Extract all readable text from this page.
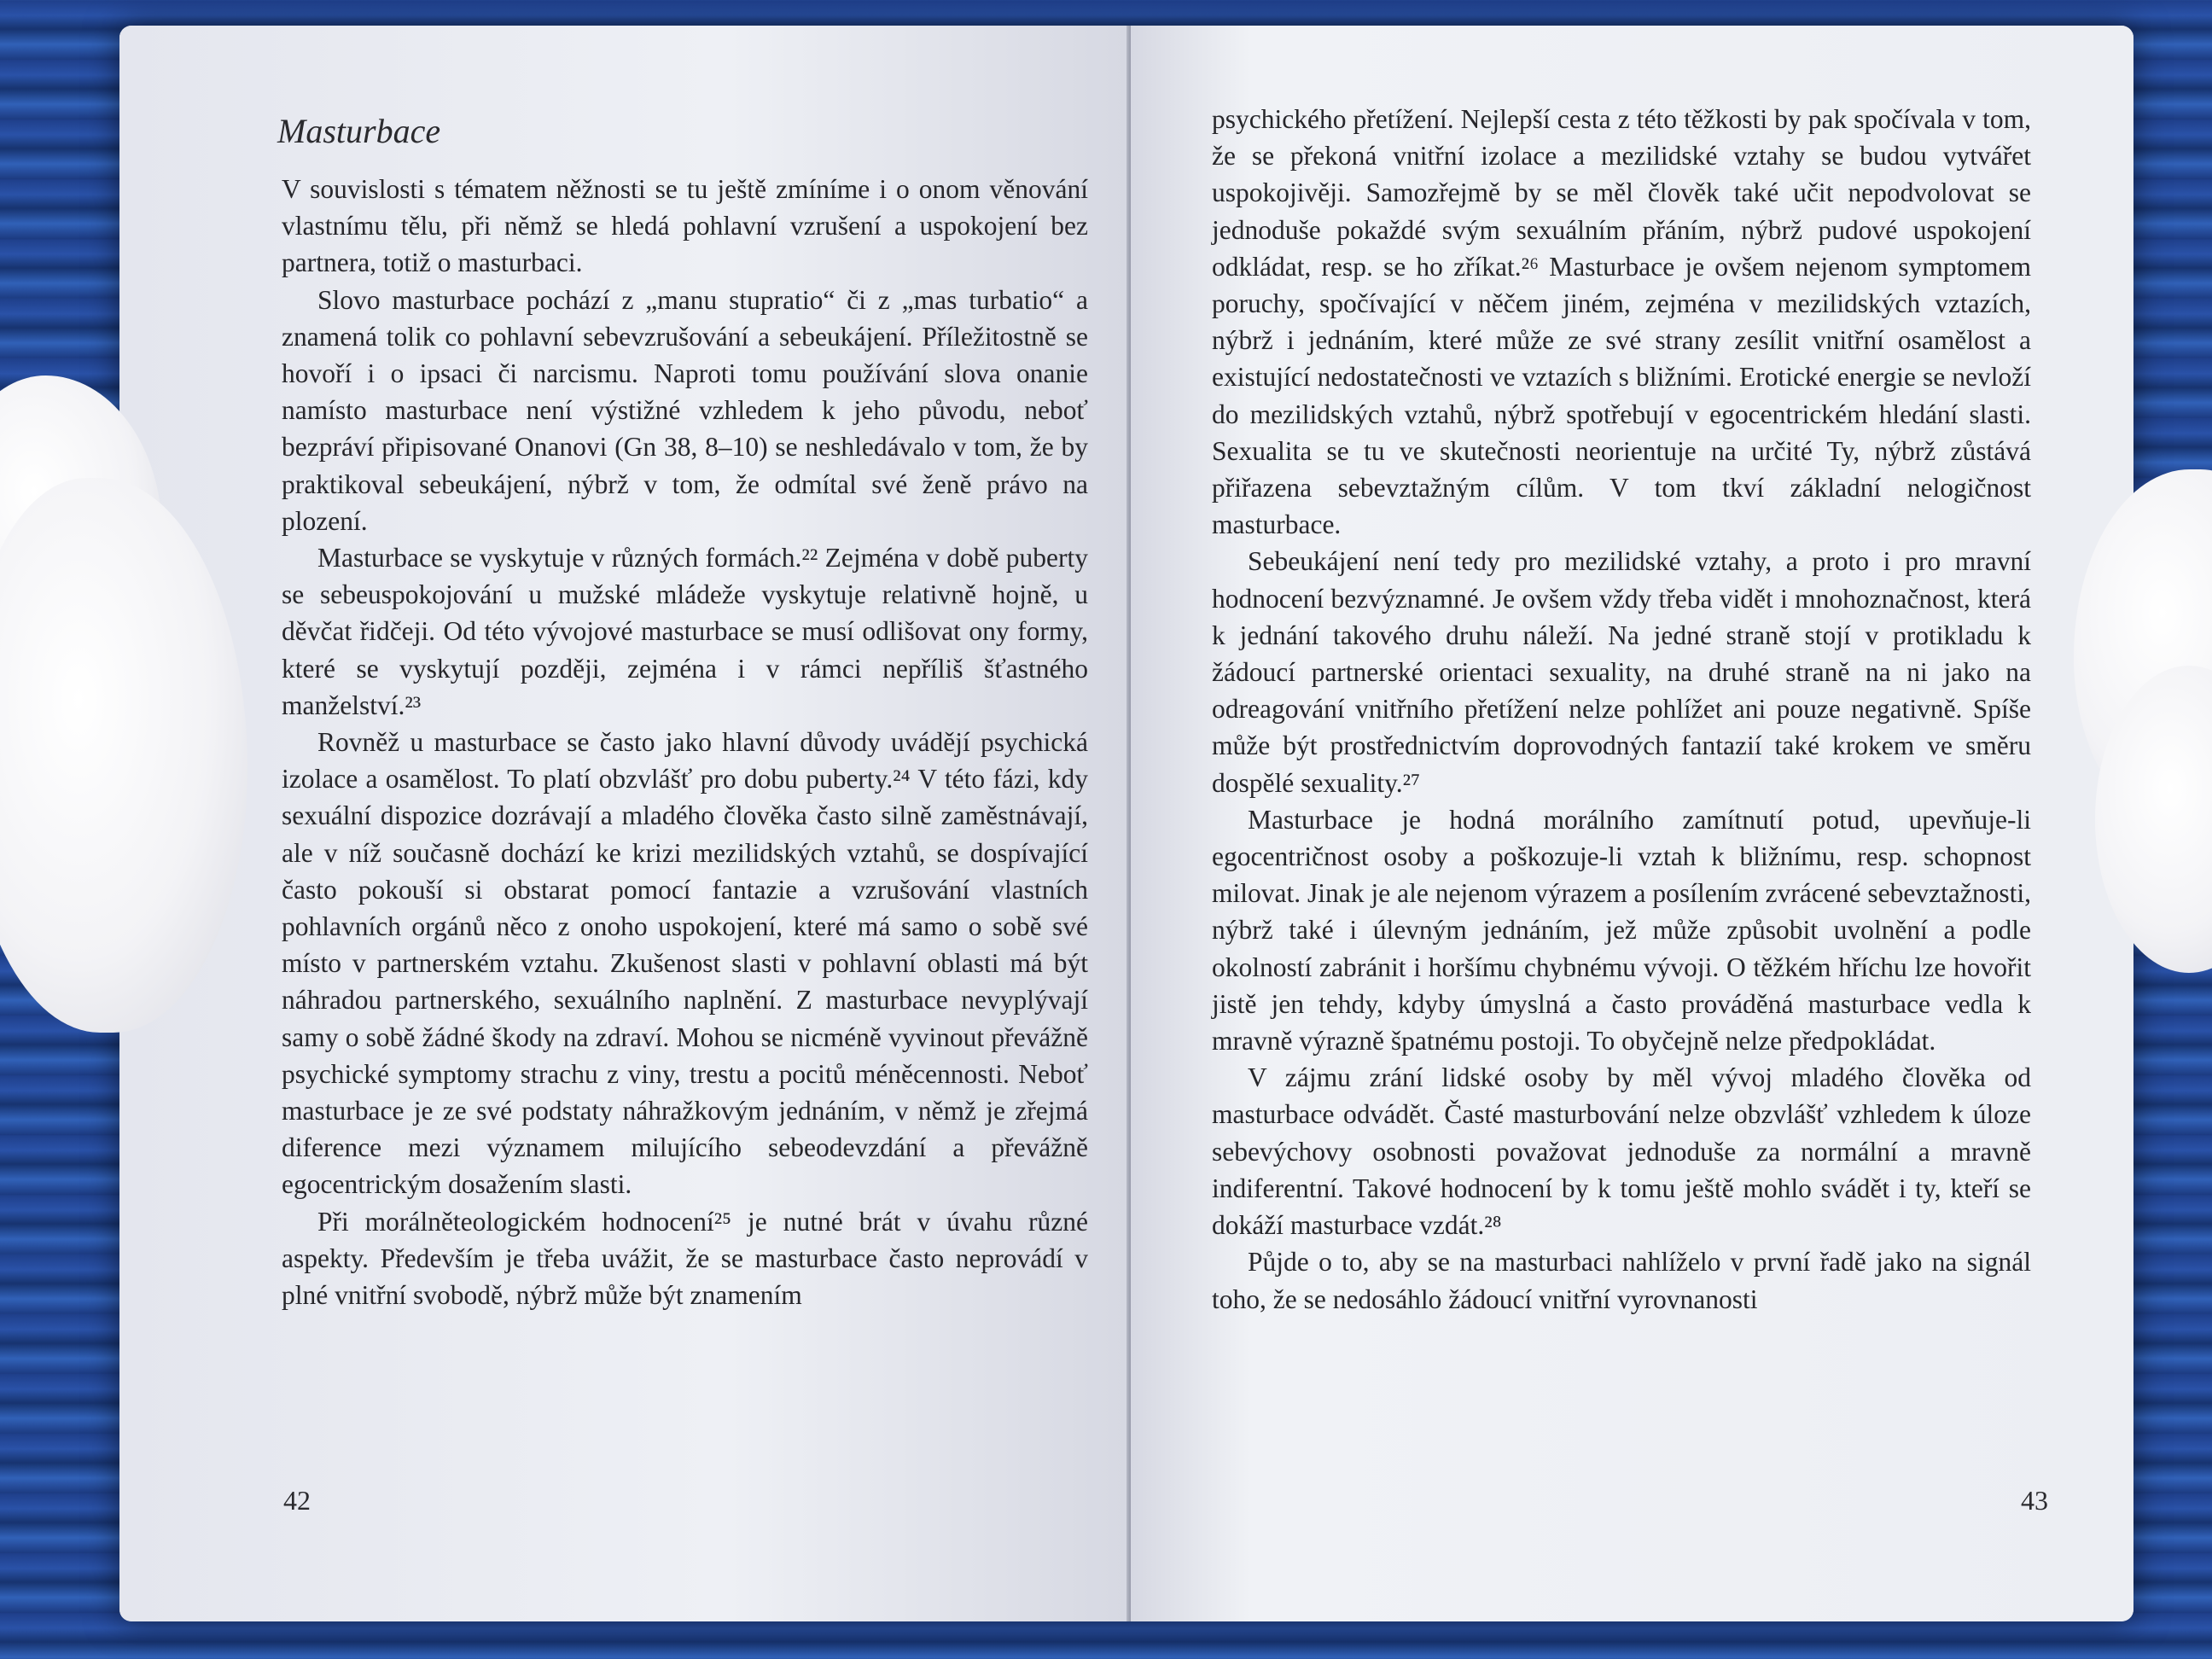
Masturbace

V souvislosti s tématem něžnosti se tu ještě zmíníme i o onom věnování vlastnímu tělu, při němž se hledá pohlavní vzrušení a uspokojení bez partnera, totiž o masturbaci.

Slovo masturbace pochází z „manu stupratio“ či z „mas turbatio“ a znamená tolik co pohlavní sebevzrušování a sebeukájení. Příležitostně se hovoří i o ipsaci či narcismu. Naproti tomu používání slova onanie namísto masturbace není výstižné vzhledem k jeho původu, neboť bezpráví připisované Onanovi (Gn 38, 8–10) se neshledávalo v tom, že by praktikoval sebeukájení, nýbrž v tom, že odmítal své ženě právo na plození.

Masturbace se vyskytuje v různých formách.²² Zejména v době puberty se sebeuspokojování u mužské mládeže vyskytuje relativně hojně, u děvčat řidčeji. Od této vývojové masturbace se musí odlišovat ony formy, které se vyskytují později, zejména i v rámci nepříliš šťastného manželství.²³

Rovněž u masturbace se často jako hlavní důvody uvádějí psychická izolace a osamělost. To platí obzvlášť pro dobu puberty.²⁴ V této fázi, kdy sexuální dispozice dozrávají a mladého člověka často silně zaměstnávají, ale v níž současně dochází ke krizi mezilidských vztahů, se dospívající často pokouší si obstarat pomocí fantazie a vzrušování vlastních pohlavních orgánů něco z onoho uspokojení, které má samo o sobě své místo v partnerském vztahu. Zkušenost slasti v pohlavní oblasti má být náhradou partnerského, sexuálního naplnění. Z masturbace nevyplývají samy o sobě žádné škody na zdraví. Mohou se nicméně vyvinout převážně psychické symptomy strachu z viny, trestu a pocitů méněcennosti. Neboť masturbace je ze své podstaty náhražkovým jednáním, v němž je zřejmá diference mezi významem milujícího sebeodevzdání a převážně egocentrickým dosažením slasti.

Při morálněteologickém hodnocení²⁵ je nutné brát v úvahu různé aspekty. Především je třeba uvážit, že se masturbace často neprovádí v plné vnitřní svobodě, nýbrž může být znamením

42

psychického přetížení. Nejlepší cesta z této těžkosti by pak spočívala v tom, že se překoná vnitřní izolace a mezilidské vztahy se budou vytvářet uspokojivěji. Samozřejmě by se měl člověk také učit nepodvolovat se jednoduše pokaždé svým sexuálním přáním, nýbrž pudové uspokojení odkládat, resp. se ho zříkat.²⁶ Masturbace je ovšem nejenom symptomem poruchy, spočívající v něčem jiném, zejména v mezilidských vztazích, nýbrž i jednáním, které může ze své strany zesílit vnitřní osamělost a existující nedostatečnosti ve vztazích s bližními. Erotické energie se nevloží do mezilidských vztahů, nýbrž spotřebují v egocentrickém hledání slasti. Sexualita se tu ve skutečnosti neorientuje na určité Ty, nýbrž zůstává přiřazena sebevztažným cílům. V tom tkví základní nelogičnost masturbace.

Sebeukájení není tedy pro mezilidské vztahy, a proto i pro mravní hodnocení bezvýznamné. Je ovšem vždy třeba vidět i mnohoznačnost, která k jednání takového druhu náleží. Na jedné straně stojí v protikladu k žádoucí partnerské orientaci sexuality, na druhé straně na ni jako na odreagování vnitřního přetížení nelze pohlížet ani pouze negativně. Spíše může být prostřednictvím doprovodných fantazií také krokem ve směru dospělé sexuality.²⁷

Masturbace je hodná morálního zamítnutí potud, upevňuje-li egocentričnost osoby a poškozuje-li vztah k bližnímu, resp. schopnost milovat. Jinak je ale nejenom výrazem a posílením zvrácené sebevztažnosti, nýbrž také i úlevným jednáním, jež může způsobit uvolnění a podle okolností zabránit i horšímu chybnému vývoji. O těžkém hříchu lze hovořit jistě jen tehdy, kdyby úmyslná a často prováděná masturbace vedla k mravně výrazně špatnému postoji. To obyčejně nelze předpokládat.

V zájmu zrání lidské osoby by měl vývoj mladého člověka od masturbace odvádět. Časté masturbování nelze obzvlášť vzhledem k úloze sebevýchovy osobnosti považovat jednoduše za normální a mravně indiferentní. Takové hodnocení by k tomu ještě mohlo svádět i ty, kteří se dokáží masturbace vzdát.²⁸

Půjde o to, aby se na masturbaci nahlíželo v první řadě jako na signál toho, že se nedosáhlo žádoucí vnitřní vyrovnanosti

43
